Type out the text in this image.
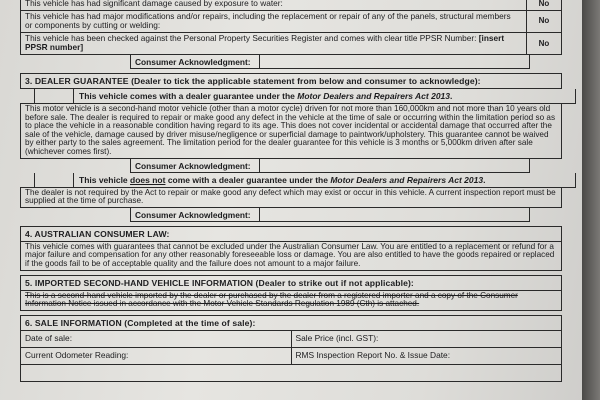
This vehicle has had significant damage caused by exposure to water:	No
This vehicle has had major modifications and/or repairs, including the replacement or repair of any of the panels, structural members or components by cutting or welding:	No
This vehicle has been checked against the Personal Property Securities Register and comes with clear title PPSR Number: [insert PPSR number]	No
Consumer Acknowledgment:
3. DEALER GUARANTEE (Dealer to tick the applicable statement from below and consumer to acknowledge):
This vehicle comes with a dealer guarantee under the Motor Dealers and Repairers Act 2013.
This motor vehicle is a second-hand motor vehicle (other than a motor cycle) driven for not more than 160,000km and not more than 10 years old before sale. The dealer is required to repair or make good any defect in the vehicle at the time of sale or occurring within the limitation period so as to place the vehicle in a reasonable condition having regard to its age. This does not cover incidental or accidental damage that occurred after the sale of the vehicle, damage caused by driver misuse/negligence or superficial damage to paintwork/upholstery. This guarantee cannot be waived by either party to the sales agreement. The limitation period for the dealer guarantee for this vehicle is 3 months or 5,000km driven after sale (whichever comes first).
Consumer Acknowledgment:
This vehicle does not come with a dealer guarantee under the Motor Dealers and Repairers Act 2013.
The dealer is not required by the Act to repair or make good any defect which may exist or occur in this vehicle. A current inspection report must be supplied at the time of purchase.
Consumer Acknowledgment:
4. AUSTRALIAN CONSUMER LAW:
This vehicle comes with guarantees that cannot be excluded under the Australian Consumer Law. You are entitled to a replacement or refund for a major failure and compensation for any other reasonably foreseeable loss or damage. You are also entitled to have the goods repaired or replaced if the goods fail to be of acceptable quality and the failure does not amount to a major failure.
5. IMPORTED SECOND-HAND VEHICLE INFORMATION (Dealer to strike out if not applicable):
This is a second-hand vehicle imported by the dealer or purchased by the dealer from a registered importer and a copy of the Consumer Information Notice issued in accordance with the Motor Vehicle Standards Regulation 1989 (Cth) is attached.
6. SALE INFORMATION (Completed at the time of sale):
Date of sale:	Sale Price (incl. GST):
Current Odometer Reading:	RMS Inspection Report No. & Issue Date:
